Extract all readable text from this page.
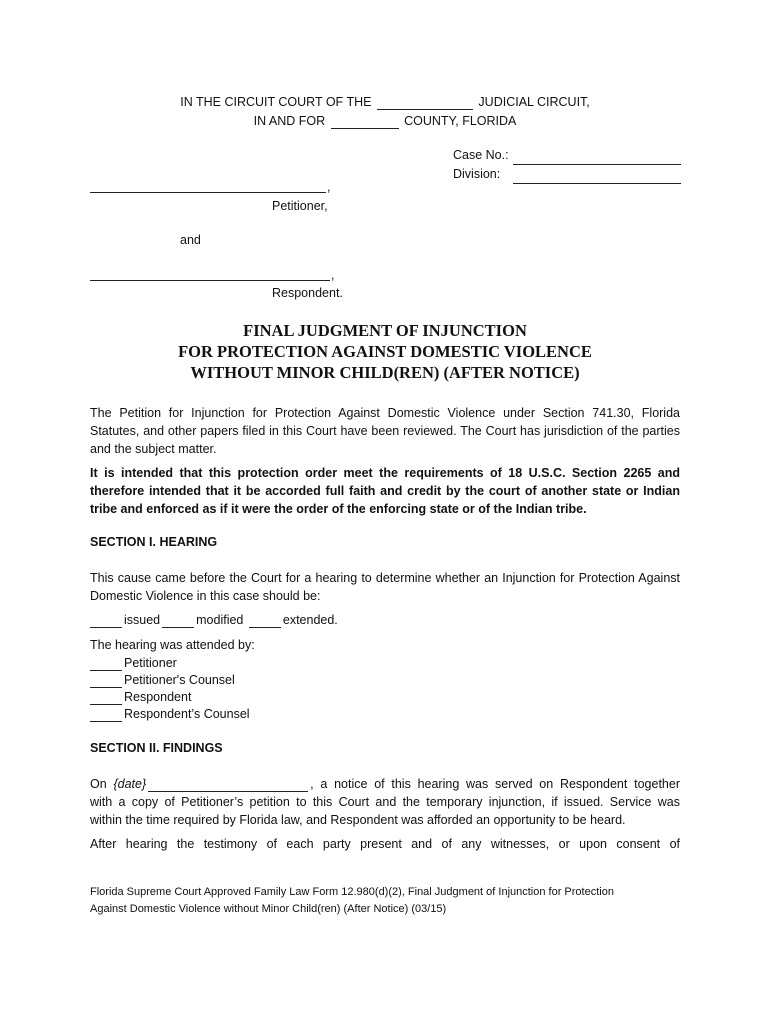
IN THE CIRCUIT COURT OF THE	JUDICIAL CIRCUIT,
IN AND FOR	COUNTY, FLORIDA
Case No.:
Division:
,
Petitioner,
and
,
Respondent.
FINAL JUDGMENT OF INJUNCTION
FOR PROTECTION AGAINST DOMESTIC VIOLENCE
WITHOUT MINOR CHILD(REN) (AFTER NOTICE)
The Petition for Injunction for Protection Against Domestic Violence under Section 741.30, Florida Statutes, and other papers filed in this Court have been reviewed. The Court has jurisdiction of the parties and the subject matter.
It is intended that this protection order meet the requirements of 18 U.S.C. Section 2265 and therefore intended that it be accorded full faith and credit by the court of another state or Indian tribe and enforced as if it were the order of the enforcing state or of the Indian tribe.
SECTION I. HEARING
This cause came before the Court for a hearing to determine whether an Injunction for Protection Against Domestic Violence in this case should be:
issued	modified	extended.
The hearing was attended by:
Petitioner
Petitioner's Counsel
Respondent
Respondent’s Counsel
SECTION II. FINDINGS
On {date}	, a notice of this hearing was served on Respondent together
with a copy of Petitioner’s petition to this Court and the temporary injunction, if issued. Service was
within the time required by Florida law, and Respondent was afforded an opportunity to be heard.
After hearing the testimony of each party present and of any witnesses, or upon consent of
Florida Supreme Court Approved Family Law Form 12.980(d)(2), Final Judgment of Injunction for Protection
Against Domestic Violence without Minor Child(ren) (After Notice) (03/15)
